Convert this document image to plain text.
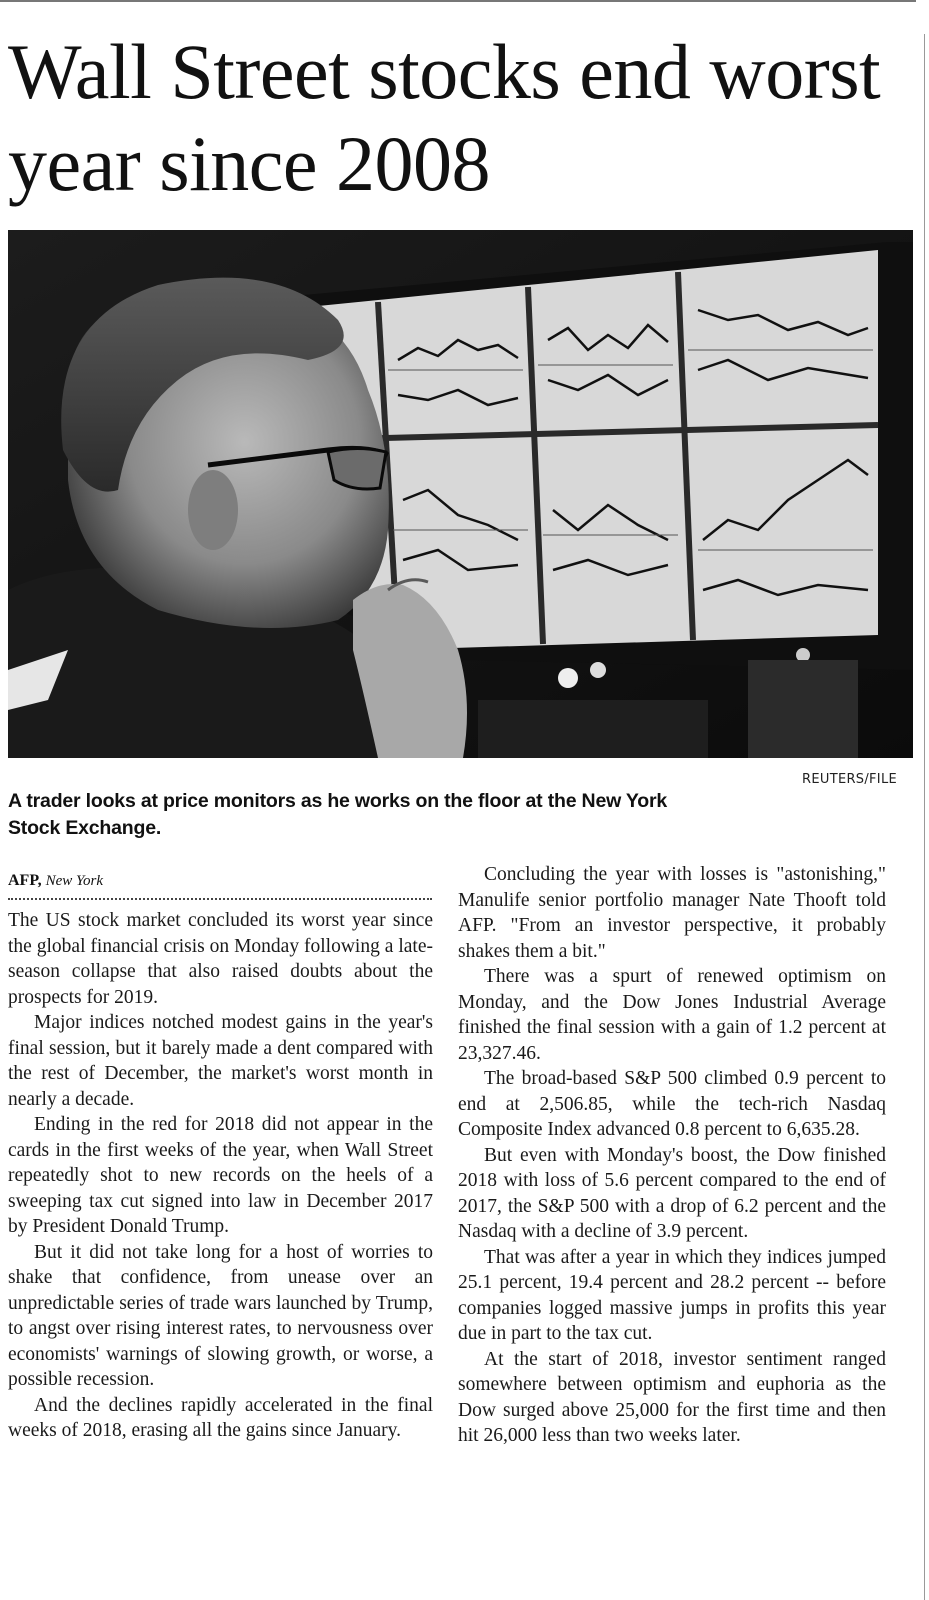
Wall Street stocks end worst year since 2008
REUTERS/FILE
A trader looks at price monitors as he works on the floor at the New York Stock Exchange.
AFP, New York

The US stock market concluded its worst year since the global financial crisis on Monday following a late-season collapse that also raised doubts about the prospects for 2019.

Major indices notched modest gains in the year's final session, but it barely made a dent compared with the rest of December, the market's worst month in nearly a decade.

Ending in the red for 2018 did not appear in the cards in the first weeks of the year, when Wall Street repeatedly shot to new records on the heels of a sweeping tax cut signed into law in December 2017 by President Donald Trump.

But it did not take long for a host of worries to shake that confidence, from unease over an unpredictable series of trade wars launched by Trump, to angst over rising interest rates, to nervousness over economists' warnings of slowing growth, or worse, a possible recession.

And the declines rapidly accelerated in the final weeks of 2018, erasing all the gains since January.

Concluding the year with losses is "astonishing," Manulife senior portfolio manager Nate Thooft told AFP. "From an investor perspective, it probably shakes them a bit."

There was a spurt of renewed optimism on Monday, and the Dow Jones Industrial Average finished the final session with a gain of 1.2 percent at 23,327.46.

The broad-based S&P 500 climbed 0.9 percent to end at 2,506.85, while the tech-rich Nasdaq Composite Index advanced 0.8 percent to 6,635.28.

But even with Monday's boost, the Dow finished 2018 with loss of 5.6 percent compared to the end of 2017, the S&P 500 with a drop of 6.2 percent and the Nasdaq with a decline of 3.9 percent.

That was after a year in which they indices jumped 25.1 percent, 19.4 percent and 28.2 percent -- before companies logged massive jumps in profits this year due in part to the tax cut.

At the start of 2018, investor sentiment ranged somewhere between optimism and euphoria as the Dow surged above 25,000 for the first time and then hit 26,000 less than two weeks later.
